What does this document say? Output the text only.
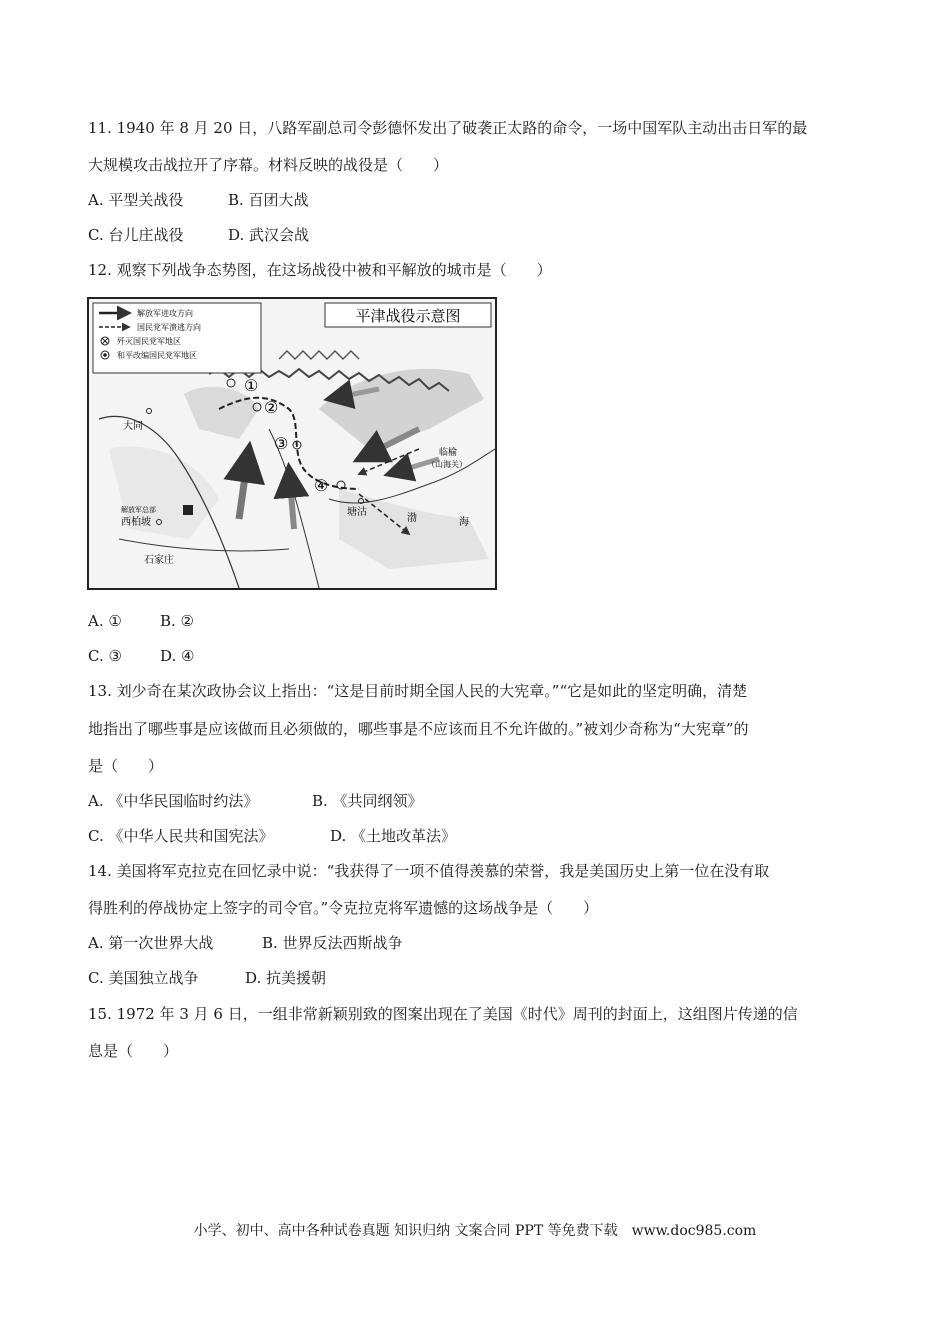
11. 1940 年 8 月 20 日，八路军副总司令彭德怀发出了破袭正太路的命令，一场中国军队主动出击日军的最
大规模攻击战拉开了序幕。材料反映的战役是（　　）
A. 平型关战役	B. 百团大战
C. 台儿庄战役	D. 武汉会战
12. 观察下列战争态势图，在这场战役中被和平解放的城市是（　　）
解放军进攻方向
国民党军溃逃方向
歼灭国民党军地区
和平改编国民党军地区
平津战役示意图
①
②
③
④
大同
解放军总部
西柏坡
石家庄
塘沽
临榆
（山海关）
渤	海
A. ①	B. ②
C. ③	D. ④
13. 刘少奇在某次政协会议上指出：“这是目前时期全国人民的大宪章。”“它是如此的坚定明确，清楚
地指出了哪些事是应该做而且必须做的，哪些事是不应该而且不允许做的。”被刘少奇称为“大宪章”的
是（　　）
A. 《中华民国临时约法》	B. 《共同纲领》
C. 《中华人民共和国宪法》	D. 《土地改革法》
14. 美国将军克拉克在回忆录中说：“我获得了一项不值得羡慕的荣誉，我是美国历史上第一位在没有取
得胜利的停战协定上签字的司令官。”令克拉克将军遗憾的这场战争是（　　）
A. 第一次世界大战	B. 世界反法西斯战争
C. 美国独立战争	D. 抗美援朝
15. 1972 年 3 月 6 日，一组非常新颖别致的图案出现在了美国《时代》周刊的封面上，这组图片传递的信
息是（　　）
小学、初中、高中各种试卷真题 知识归纳 文案合同 PPT 等免费下载　www.doc985.com
